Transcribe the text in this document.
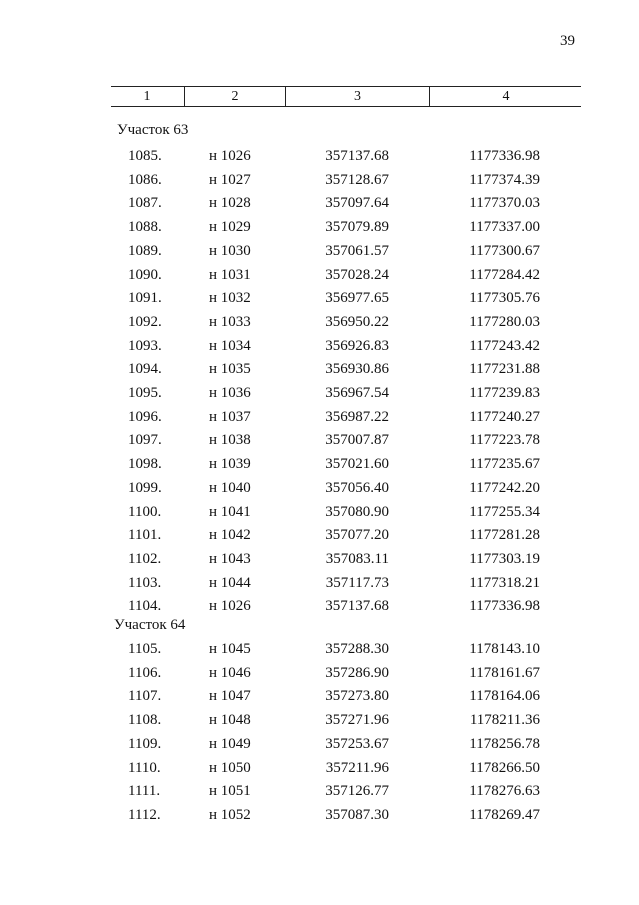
39
1	2	3	4
Участок 63
1085.	н 1026	357137.68	1177336.98
1086.	н 1027	357128.67	1177374.39
1087.	н 1028	357097.64	1177370.03
1088.	н 1029	357079.89	1177337.00
1089.	н 1030	357061.57	1177300.67
1090.	н 1031	357028.24	1177284.42
1091.	н 1032	356977.65	1177305.76
1092.	н 1033	356950.22	1177280.03
1093.	н 1034	356926.83	1177243.42
1094.	н 1035	356930.86	1177231.88
1095.	н 1036	356967.54	1177239.83
1096.	н 1037	356987.22	1177240.27
1097.	н 1038	357007.87	1177223.78
1098.	н 1039	357021.60	1177235.67
1099.	н 1040	357056.40	1177242.20
1100.	н 1041	357080.90	1177255.34
1101.	н 1042	357077.20	1177281.28
1102.	н 1043	357083.11	1177303.19
1103.	н 1044	357117.73	1177318.21
1104.	н 1026	357137.68	1177336.98
Участок 64
1105.	н 1045	357288.30	1178143.10
1106.	н 1046	357286.90	1178161.67
1107.	н 1047	357273.80	1178164.06
1108.	н 1048	357271.96	1178211.36
1109.	н 1049	357253.67	1178256.78
1110.	н 1050	357211.96	1178266.50
1111.	н 1051	357126.77	1178276.63
1112.	н 1052	357087.30	1178269.47
